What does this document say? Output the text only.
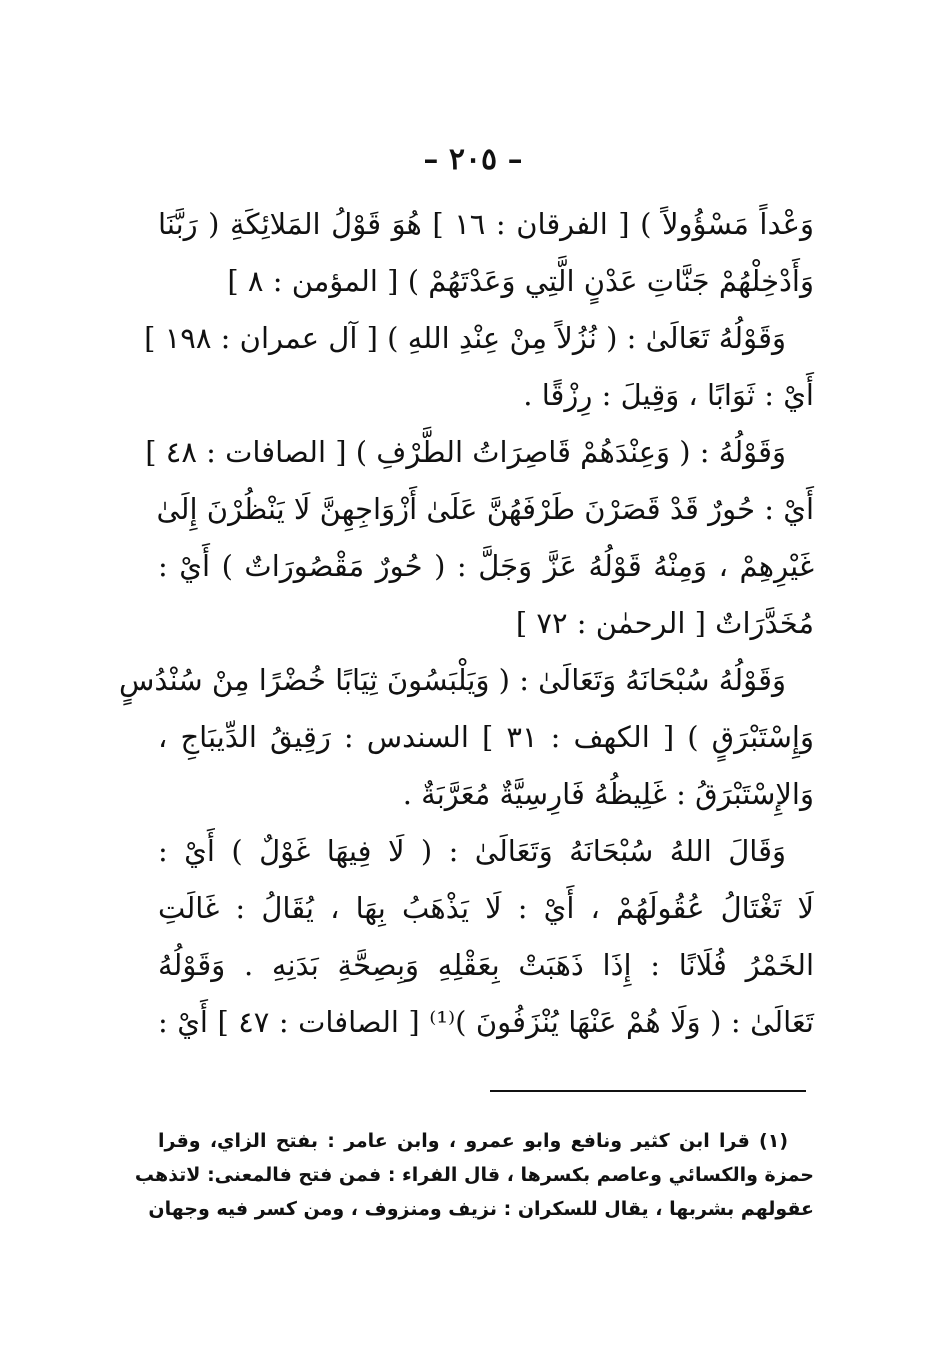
– ٢٠٥ –
وَعْداً مَسْؤُولاً ) [ الفرقان : ١٦ ] هُوَ قَوْلُ المَلائِكَةِ ( رَبَّنَا
وَأَدْخِلْهُمْ جَنَّاتِ عَدْنٍ الَّتِي وَعَدْتَهُمْ ) [ المؤمن : ٨ ]
وَقَوْلُهُ تَعَالَىٰ : ( نُزُلاً مِنْ عِنْدِ اللهِ ) [ آل عمران : ١٩٨ ]
أَيْ : ثَوَابًا ، وَقِيلَ : رِزْقًا .
وَقَوْلُهُ : ( وَعِنْدَهُمْ قَاصِرَاتُ الطَّرْفِ ) [ الصافات : ٤٨ ]
أَيْ : حُورٌ قَدْ قَصَرْنَ طَرْفَهُنَّ عَلَىٰ أَزْوَاجِهِنَّ لَا يَنْظُرْنَ إِلَىٰ
غَيْرِهِمْ ، وَمِنْهُ قَوْلُهُ عَزَّ وَجَلَّ : ( حُورٌ مَقْصُورَاتٌ ) أَيْ :
مُخَدَّرَاتٌ [ الرحمٰن : ٧٢ ]
وَقَوْلُهُ سُبْحَانَهُ وَتَعَالَىٰ : ( وَيَلْبَسُونَ ثِيَابًا خُضْرًا مِنْ سُنْدُسٍ
وَإِسْتَبْرَقٍ ) [ الكهف : ٣١ ] السندس : رَقِيقُ الدِّيبَاجِ ،
وَالإِسْتَبْرَقُ : غَلِيظُهُ فَارِسِيَّةٌ مُعَرَّبَةٌ .
وَقَالَ اللهُ سُبْحَانَهُ وَتَعَالَىٰ : ( لَا فِيهَا غَوْلٌ ) أَيْ :
لَا تَغْتَالُ عُقُولَهُمْ ، أَيْ : لَا يَذْهَبُ بِهَا ، يُقَالُ : غَالَتِ
الخَمْرُ فُلَانًا : إِذَا ذَهَبَتْ بِعَقْلِهِ وَبِصِحَّةِ بَدَنِهِ . وَقَوْلُهُ
تَعَالَىٰ : ( وَلَا هُمْ عَنْهَا يُنْزَفُونَ )⁽¹⁾ [ الصافات : ٤٧ ] أَيْ :
(١) قرا ابن كثير ونافع وابو عمرو ، وابن عامر : بفتح الزاي، وقرا
حمزة والكسائي وعاصم بكسرها ، قال الفراء : فمن فتح فالمعنى: لاتذهب
عقولهم بشربها ، يقال للسكران : نزيف ومنزوف ، ومن كسر فيه وجهان
